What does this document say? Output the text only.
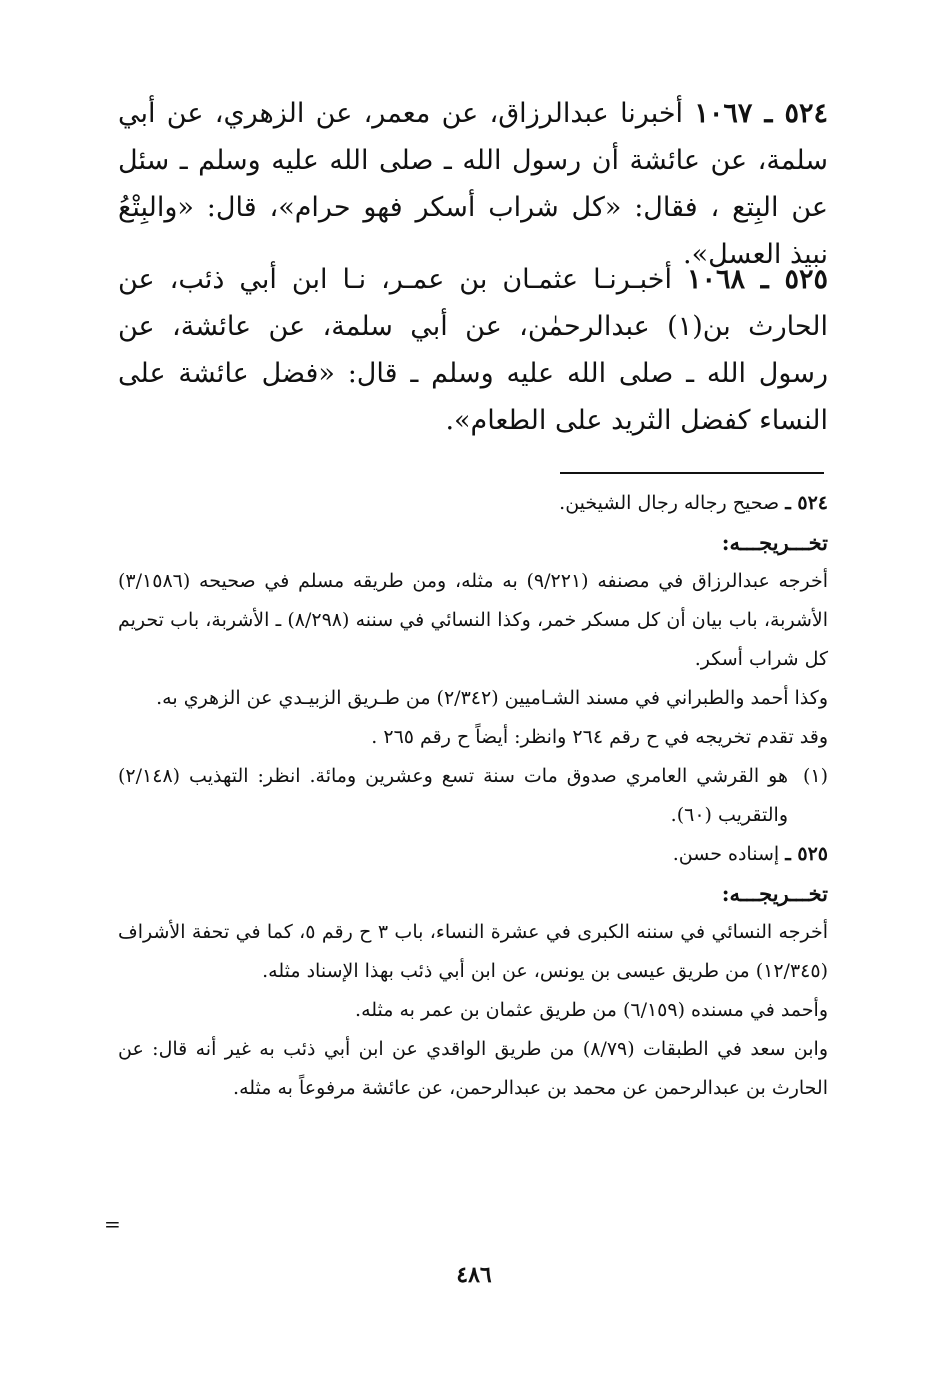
٥٢٤ ـ ١٠٦٧ أخبرنا عبدالرزاق، عن معمر، عن الزهري، عن أبي سلمة، عن عائشة أن رسول الله ـ صلى الله عليه وسلم ـ سئل عن البِتع ، فقال: «كل شراب أسكر فهو حرام»، قال: «والبِتْعُ نبيذ العسل».
٥٢٥ ـ ١٠٦٨ أخبـرنـا عثمـان بن عمـر، نـا ابن أبي ذئب، عن الحارث بن(١) عبدالرحمٰن، عن أبي سلمة، عن عائشة، عن رسول الله ـ صلى الله عليه وسلم ـ قال: «فضل عائشة على النساء كفضل الثريد على الطعام».

٥٢٤ ـ صحيح رجاله رجال الشيخين.

تخـــريجـــه:

أخرجه عبدالرزاق في مصنفه (٩/٢٢١) به مثله، ومن طريقه مسلم في صحيحه (٣/١٥٨٦) الأشربة، باب بيان أن كل مسكر خمر، وكذا النسائي في سننه (٨/٢٩٨) ـ الأشربة، باب تحريم كل شراب أسكر.

وكذا أحمد والطبراني في مسند الشـاميين (٢/٣٤٢) من طـريق الزبيـدي عن الزهري به.

وقد تقدم تخريجه في ح رقم ٢٦٤ وانظر: أيضاً ح رقم ٢٦٥ .

(١)
هو القرشي العامري صدوق مات سنة تسع وعشرين ومائة. انظر: التهذيب (٢/١٤٨) والتقريب (٦٠).

٥٢٥ ـ إسناده حسن.

تخـــريجـــه:

أخرجه النسائي في سننه الكبرى في عشرة النساء، باب ٣ ح رقم ٥، كما في تحفة الأشراف (١٢/٣٤٥) من طريق عيسى بن يونس، عن ابن أبي ذئب بهذا الإسناد مثله.

وأحمد في مسنده (٦/١٥٩) من طريق عثمان بن عمر به مثله.

وابن سعد في الطبقات (٨/٧٩) من طريق الواقدي عن ابن أبي ذئب به غير أنه قال: عن الحارث بن عبدالرحمن عن محمد بن عبدالرحمن، عن عائشة مرفوعاً به مثله.

=
٤٨٦
